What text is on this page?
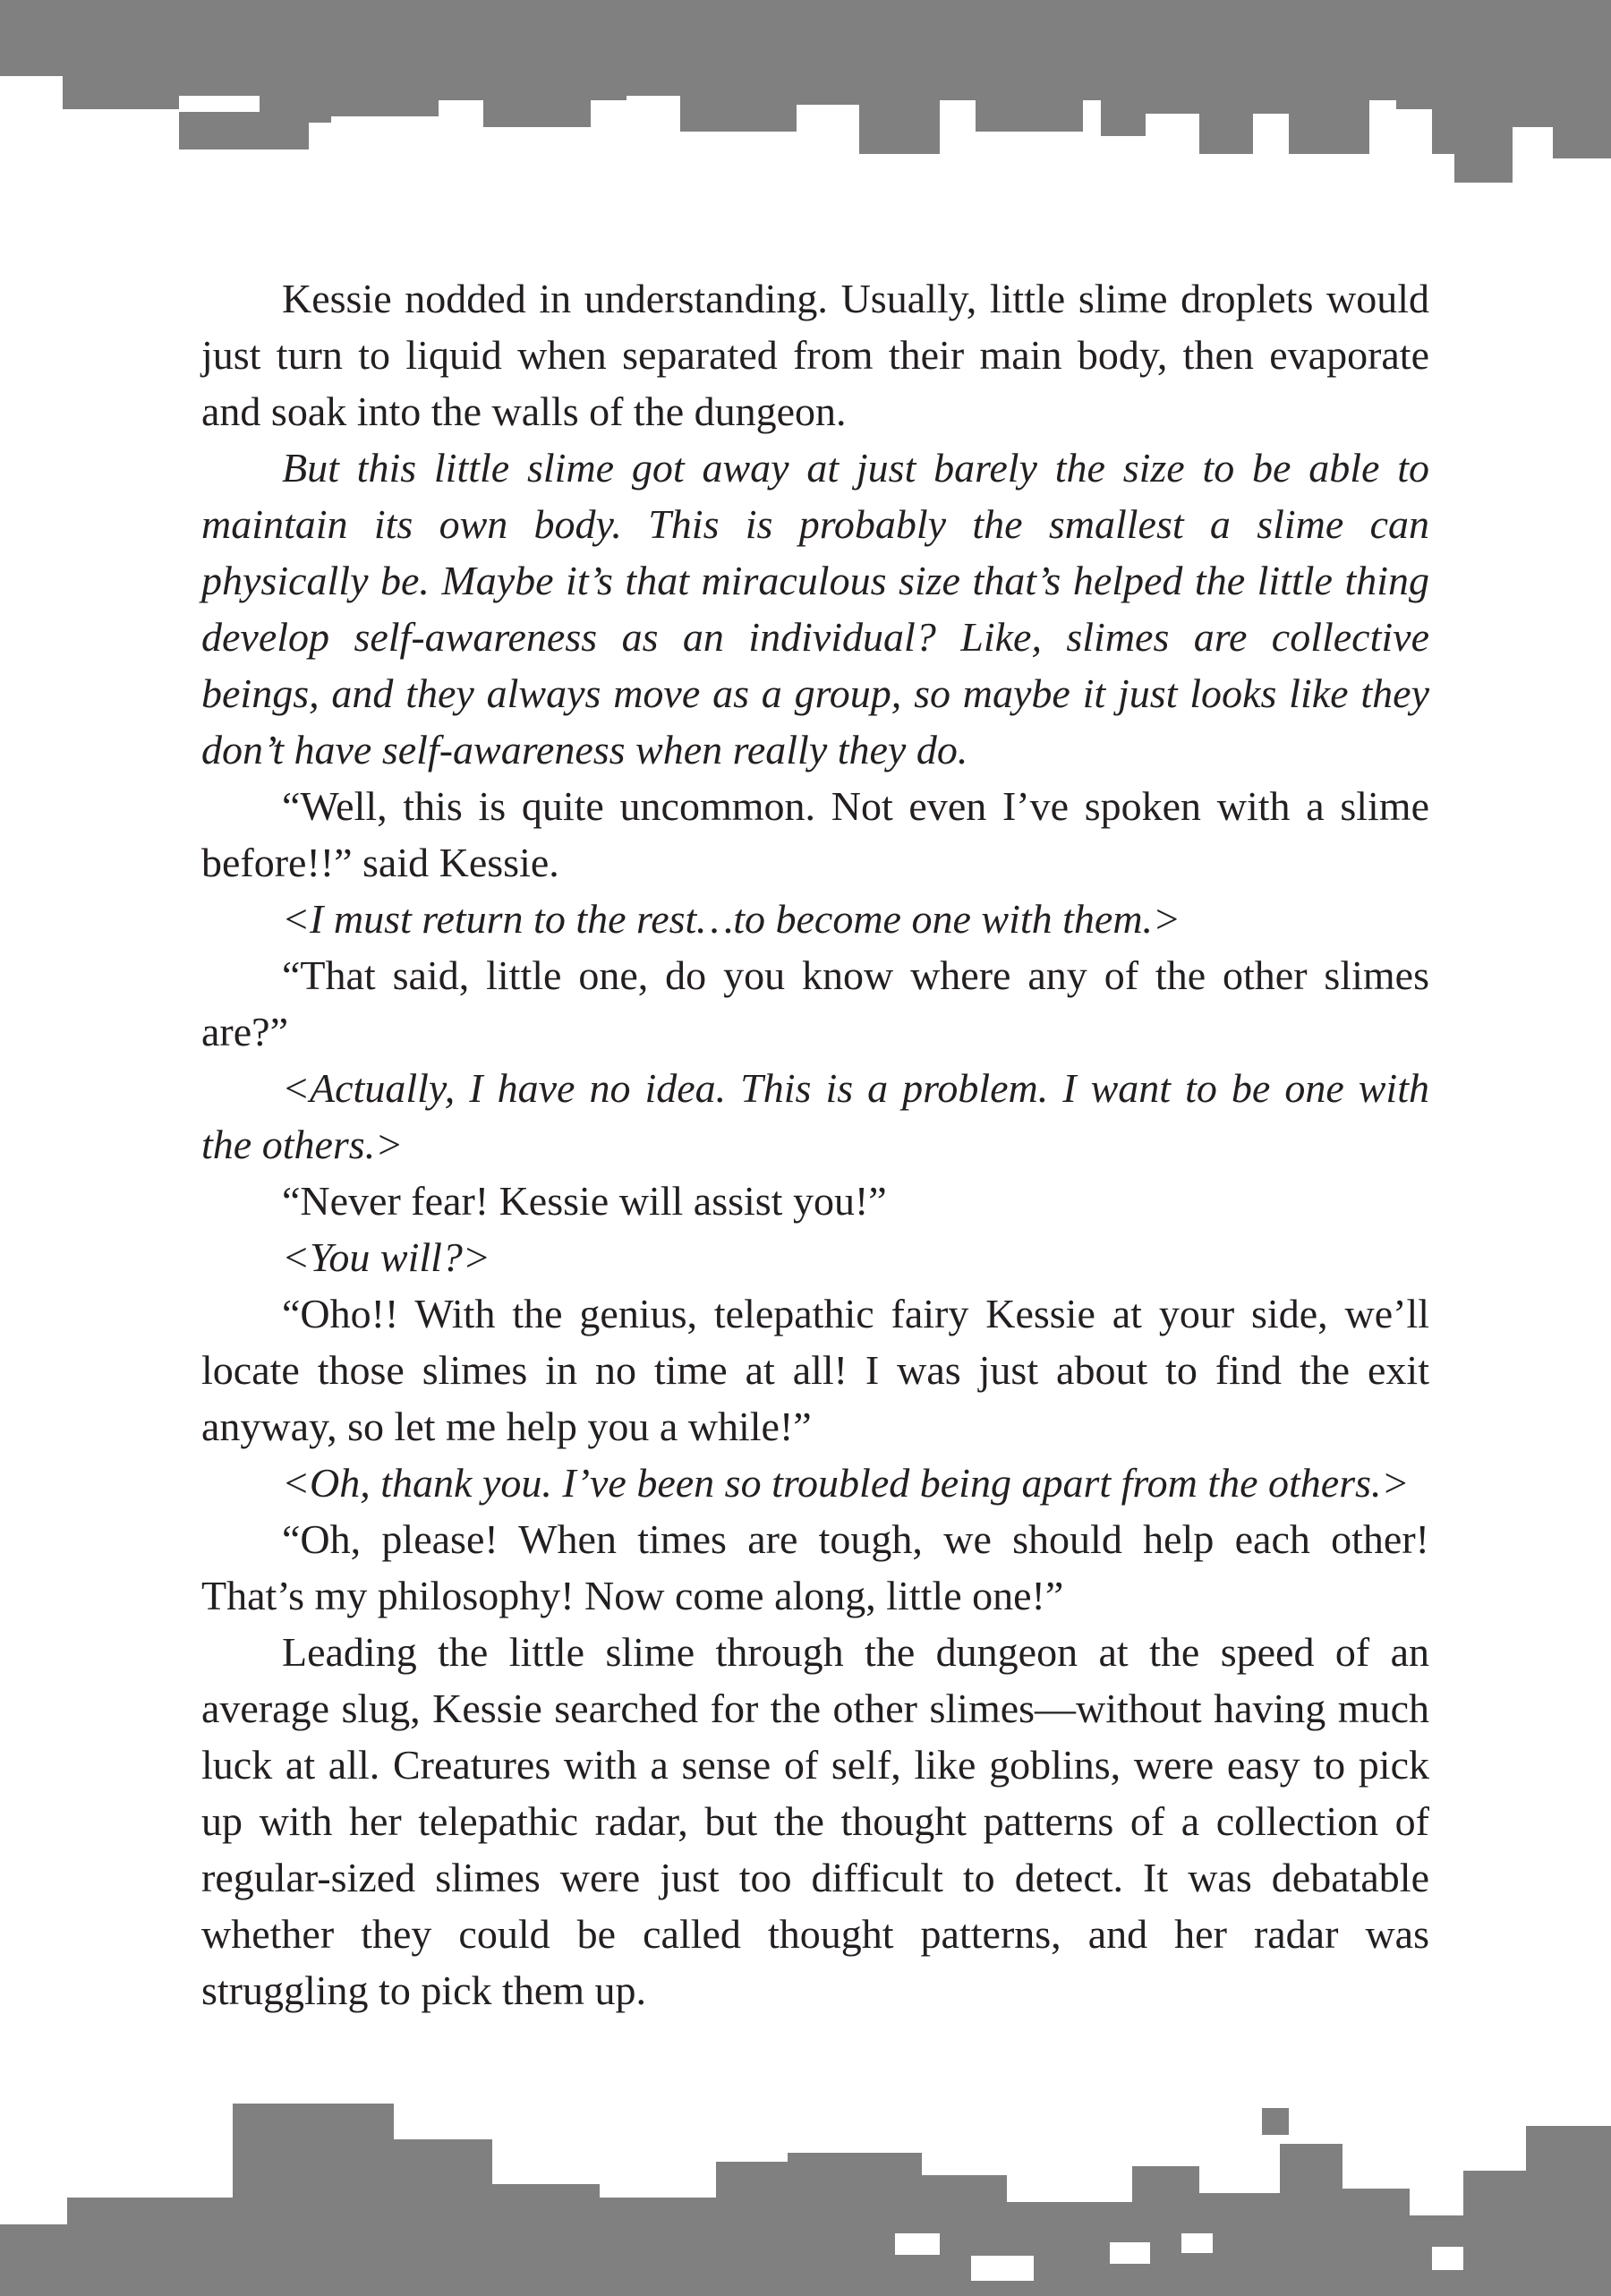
Kessie nodded in understanding. Usually, little slime droplets would just turn to liquid when separated from their main body, then evaporate and soak into the walls of the dungeon.

But this little slime got away at just barely the size to be able to maintain its own body. This is probably the smallest a slime can physically be. Maybe it’s that miraculous size that’s helped the little thing develop self-awareness as an individual? Like, slimes are collective beings, and they always move as a group, so maybe it just looks like they don’t have self-awareness when really they do.

“Well, this is quite uncommon. Not even I’ve spoken with a slime before!!” said Kessie.

<I must return to the rest…to become one with them.>

“That said, little one, do you know where any of the other slimes are?”

<Actually, I have no idea. This is a problem. I want to be one with the others.>

“Never fear! Kessie will assist you!”

<You will?>

“Oho!! With the genius, telepathic fairy Kessie at your side, we’ll locate those slimes in no time at all! I was just about to find the exit anyway, so let me help you a while!”

<Oh, thank you. I’ve been so troubled being apart from the others.>

“Oh, please! When times are tough, we should help each other! That’s my philosophy! Now come along, little one!”

Leading the little slime through the dungeon at the speed of an average slug, Kessie searched for the other slimes—without having much luck at all. Creatures with a sense of self, like goblins, were easy to pick up with her telepathic radar, but the thought patterns of a collection of regular-sized slimes were just too difficult to detect. It was debatable whether they could be called thought patterns, and her radar was struggling to pick them up.
